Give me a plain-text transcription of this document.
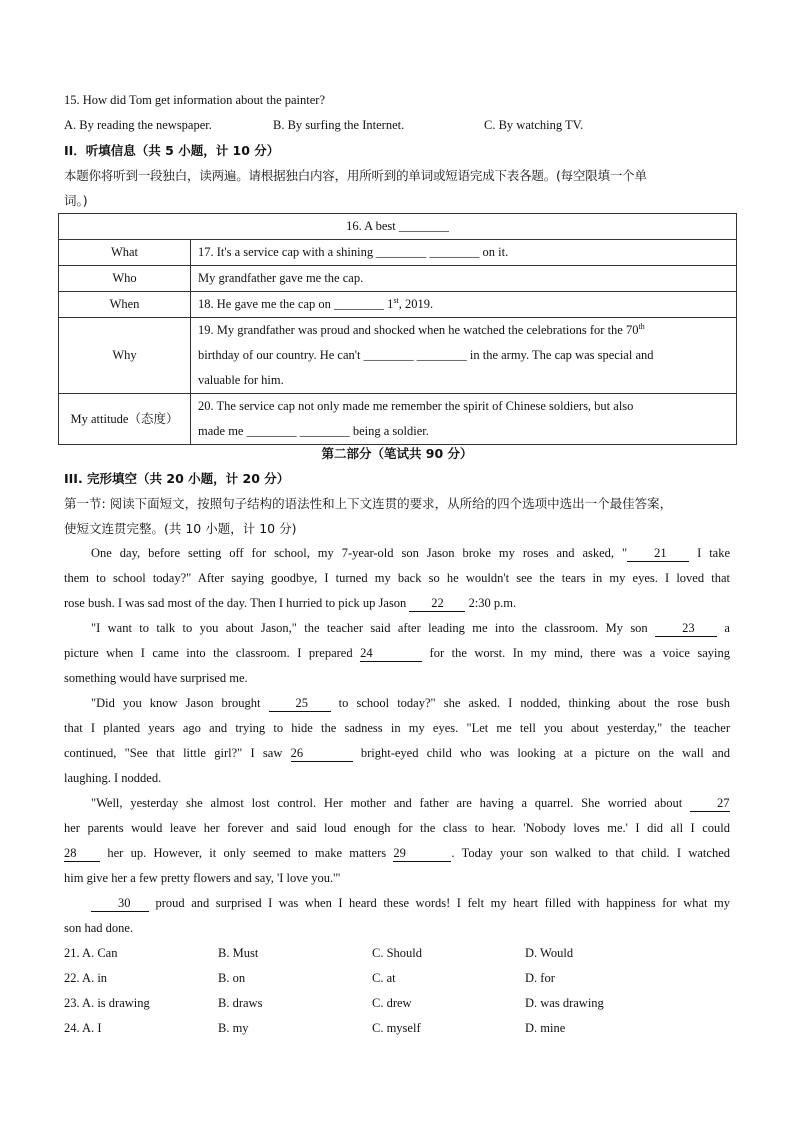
15. How did Tom get information about the painter?
A. By reading the newspaper.	B. By surfing the Internet.	C. By watching TV.
II．听填信息（共 5 小题，计 10 分）
本题你将听到一段独白，读两遍。请根据独白内容，用所听到的单词或短语完成下表各题。(每空限填一个单
词。)
16. A best ________	
What	17. It's a service cap with a shining ________ ________ on it.
Who	My grandfather gave me the cap.
When	18. He gave me the cap on ________ 1st, 2019.
Why	19. My grandfather was proud and shocked when he watched the celebrations for the 70th
birthday of our country. He can't ________ ________ in the army. The cap was special and
valuable for him.

My attitude（态度）	20. The service cap not only made me remember the spirit of Chinese soldiers, but also
made me ________ ________ being a soldier.
第二部分（笔试共 90 分）
III. 完形填空（共 20 小题，计 20 分）
第一节: 阅读下面短文，按照句子结构的语法性和上下文连贯的要求，从所给的四个选项中选出一个最佳答案，
使短文连贯完整。(共 10 小题，计 10 分)
One day, before setting off for school, my 7-year-old son Jason broke my roses and asked, " 21 I take
them to school today?" After saying goodbye, I turned my back so he wouldn't see the tears in my eyes. I loved that
rose bush. I was sad most of the day. Then I hurried to pick up Jason 22 2:30 p.m.
"I want to talk to you about Jason," the teacher said after leading me into the classroom. My son 23 a
picture when I came into the classroom. I prepared 24	for the worst. In my mind, there was a voice saying
something would have surprised me.
"Did you know Jason brought 25 to school today?" she asked. I nodded, thinking about the rose bush
that I planted years ago and trying to hide the sadness in my eyes. "Let me tell you about yesterday," the teacher
continued, "See that little girl?" I saw 26	bright-eyed child who was looking at a picture on the wall and
laughing. I nodded.
"Well, yesterday she almost lost control. Her mother and father are having a quarrel. She worried about 27
her parents would leave her forever and said loud enough for the class to hear. 'Nobody loves me.' I did all I could
28 her up. However, it only seemed to make matters 29	. Today your son walked to that child. I watched
him give her a few pretty flowers and say, 'I love you.'"
30 proud and surprised I was when I heard these words! I felt my heart filled with happiness for what my
son had done.
21. A. Can	B. Must	C. Should	D. Would
22. A. in	B. on	C. at	D. for
23. A. is drawing	B. draws	C. drew	D. was drawing
24. A. I	B. my	C. myself	D. mine
